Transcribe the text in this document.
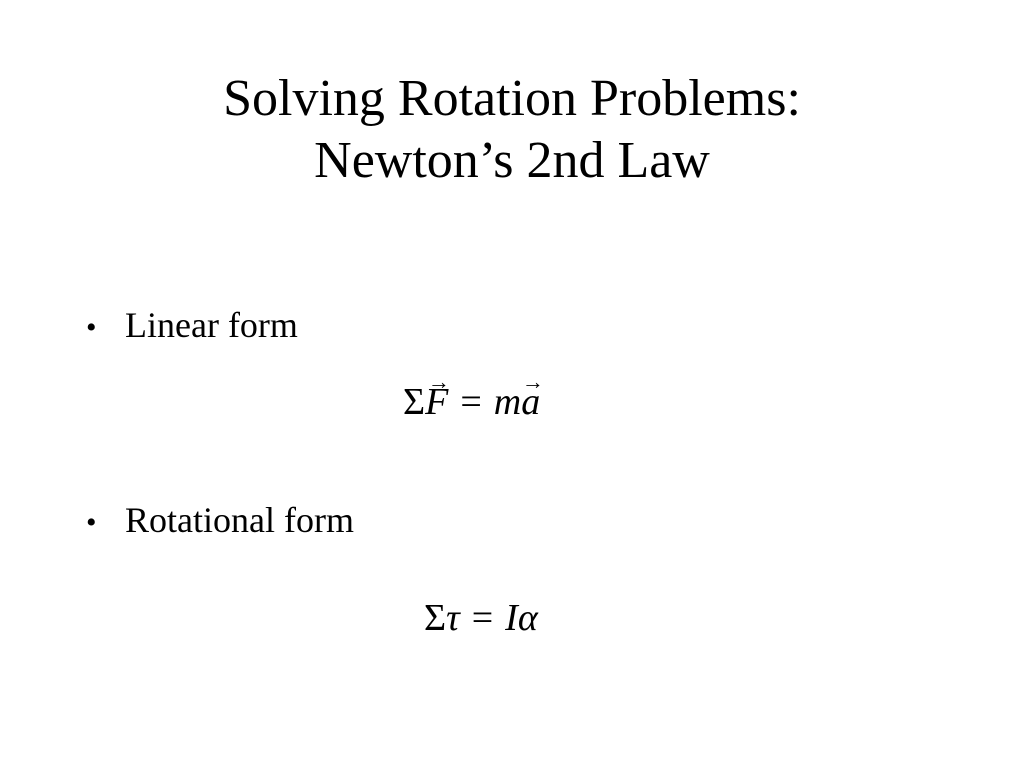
Solving Rotation Problems:
Newton’s 2nd Law
• Linear form
Σ→ F = m→ a
• Rotational form
Στ = Iα
